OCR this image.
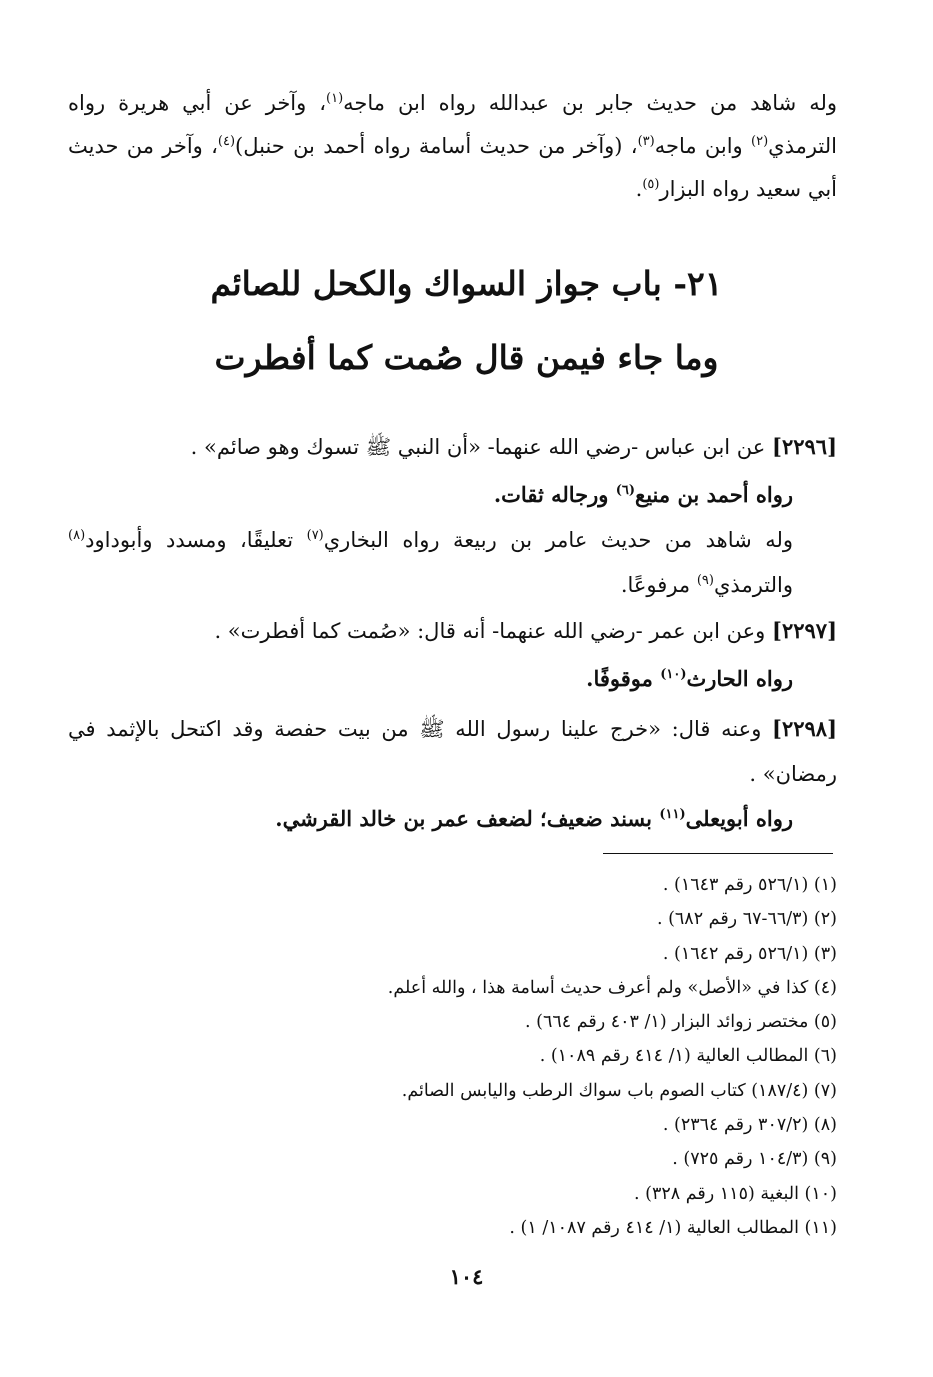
وله شاهد من حديث جابر بن عبدالله رواه ابن ماجه$^{(١)}$، وآخر عن أبي هريرة رواه الترمذي$^{(٢)}$ وابن ماجه$^{(٣)}$، (وآخر من حديث أسامة رواه أحمد بن حنبل)$^{(٤)}$، وآخر من حديث أبي سعيد رواه البزار$^{(٥)}$.
٢١- باب جواز السواك والكحل للصائم
وما جاء فيمن قال صُمت كما أفطرت
[٢٢٩٦] عن ابن عباس -رضي الله عنهما- «أن النبي ﷺ تسوك وهو صائم» .
رواه أحمد بن منيع$^{(٦)}$ ورجاله ثقات.
وله شاهد من حديث عامر بن ربيعة رواه البخاري$^{(٧)}$ تعليقًا، ومسدد وأبوداود$^{(٨)}$ والترمذي$^{(٩)}$ مرفوعًا.
[٢٢٩٧] وعن ابن عمر -رضي الله عنهما- أنه قال: «صُمت كما أفطرت» .
رواه الحارث$^{(١٠)}$ موقوفًا.
[٢٢٩٨] وعنه قال: «خرج علينا رسول الله ﷺ من بيت حفصة وقد اكتحل بالإثمد في رمضان» .
رواه أبويعلى$^{(١١)}$ بسند ضعيف؛ لضعف عمر بن خالد القرشي.
(١) (٥٢٦/١ رقم ١٦٤٣) .
(٢) (٦٦/٣-٦٧ رقم ٦٨٢) .
(٣) (٥٢٦/١ رقم ١٦٤٢) .
(٤) كذا في «الأصل» ولم أعرف حديث أسامة هذا ، والله أعلم.
(٥) مختصر زوائد البزار (١/ ٤٠٣ رقم ٦٦٤) .
(٦) المطالب العالية (١/ ٤١٤ رقم ١٠٨٩) .
(٧) (١٨٧/٤) كتاب الصوم باب سواك الرطب واليابس الصائم.
(٨) (٣٠٧/٢ رقم ٢٣٦٤) .
(٩) (١٠٤/٣ رقم ٧٢٥) .
(١٠) البغية (١١٥ رقم ٣٢٨) .
(١١) المطالب العالية (١/ ٤١٤ رقم ١٠٨٧/ ١) .
١٠٤
